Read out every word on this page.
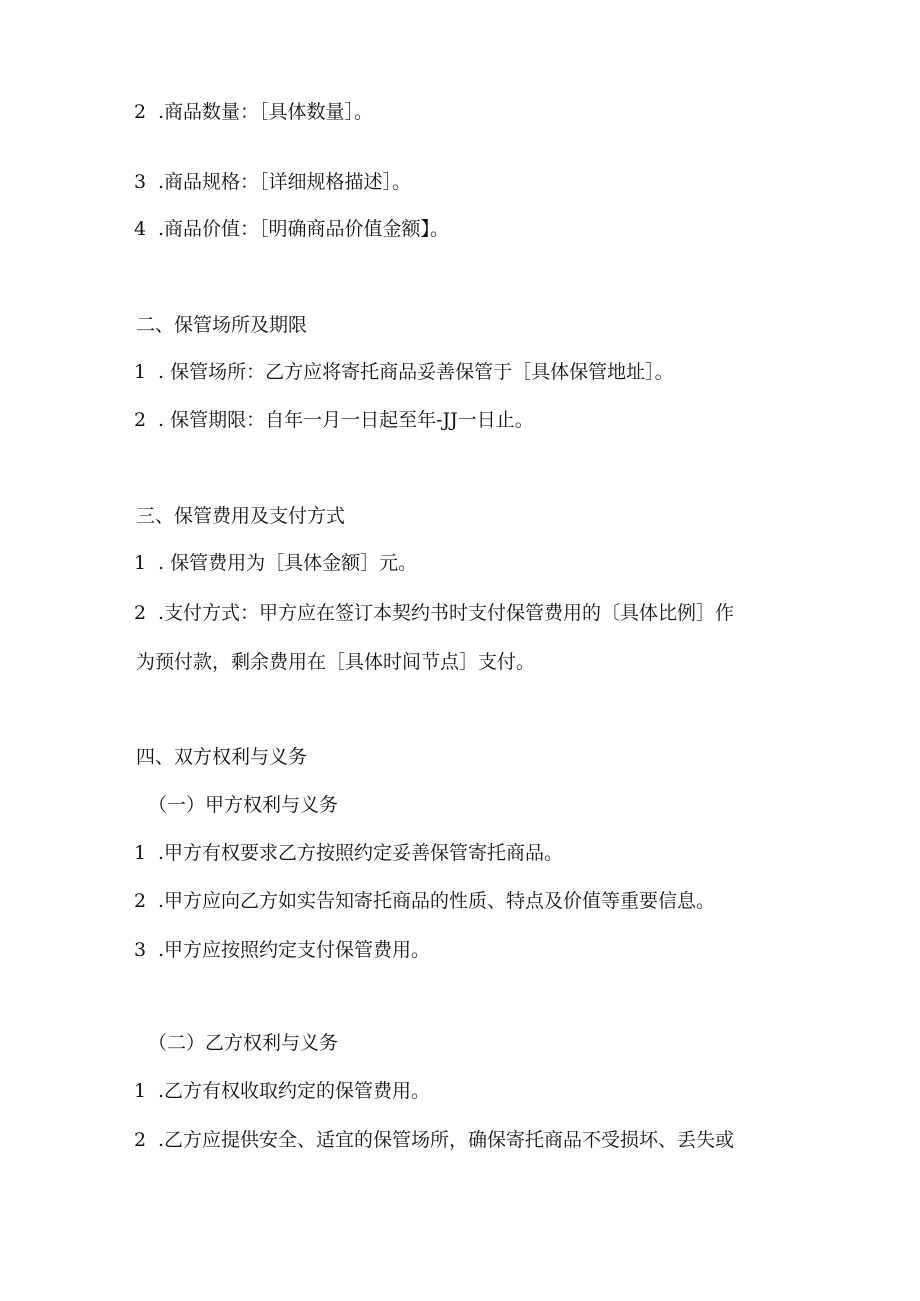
2 .商品数量：［具体数量］。
3 .商品规格：［详细规格描述］。
4 .商品价值：［明确商品价值金额】。
二、保管场所及期限
1 . 保管场所：乙方应将寄托商品妥善保管于［具体保管地址］。
2 . 保管期限：自年一月一日起至年-JJ一日止。
三、保管费用及支付方式
1 . 保管费用为［具体金额］元。
2 .支付方式：甲方应在签订本契约书时支付保管费用的〔具体比例］作
为预付款，剩余费用在［具体时间节点］支付。
四、双方权利与义务
（一）甲方权利与义务
1 .甲方有权要求乙方按照约定妥善保管寄托商品。
2 .甲方应向乙方如实告知寄托商品的性质、特点及价值等重要信息。
3 .甲方应按照约定支付保管费用。
（二）乙方权利与义务
1 .乙方有权收取约定的保管费用。
2 .乙方应提供安全、适宜的保管场所，确保寄托商品不受损坏、丢失或
